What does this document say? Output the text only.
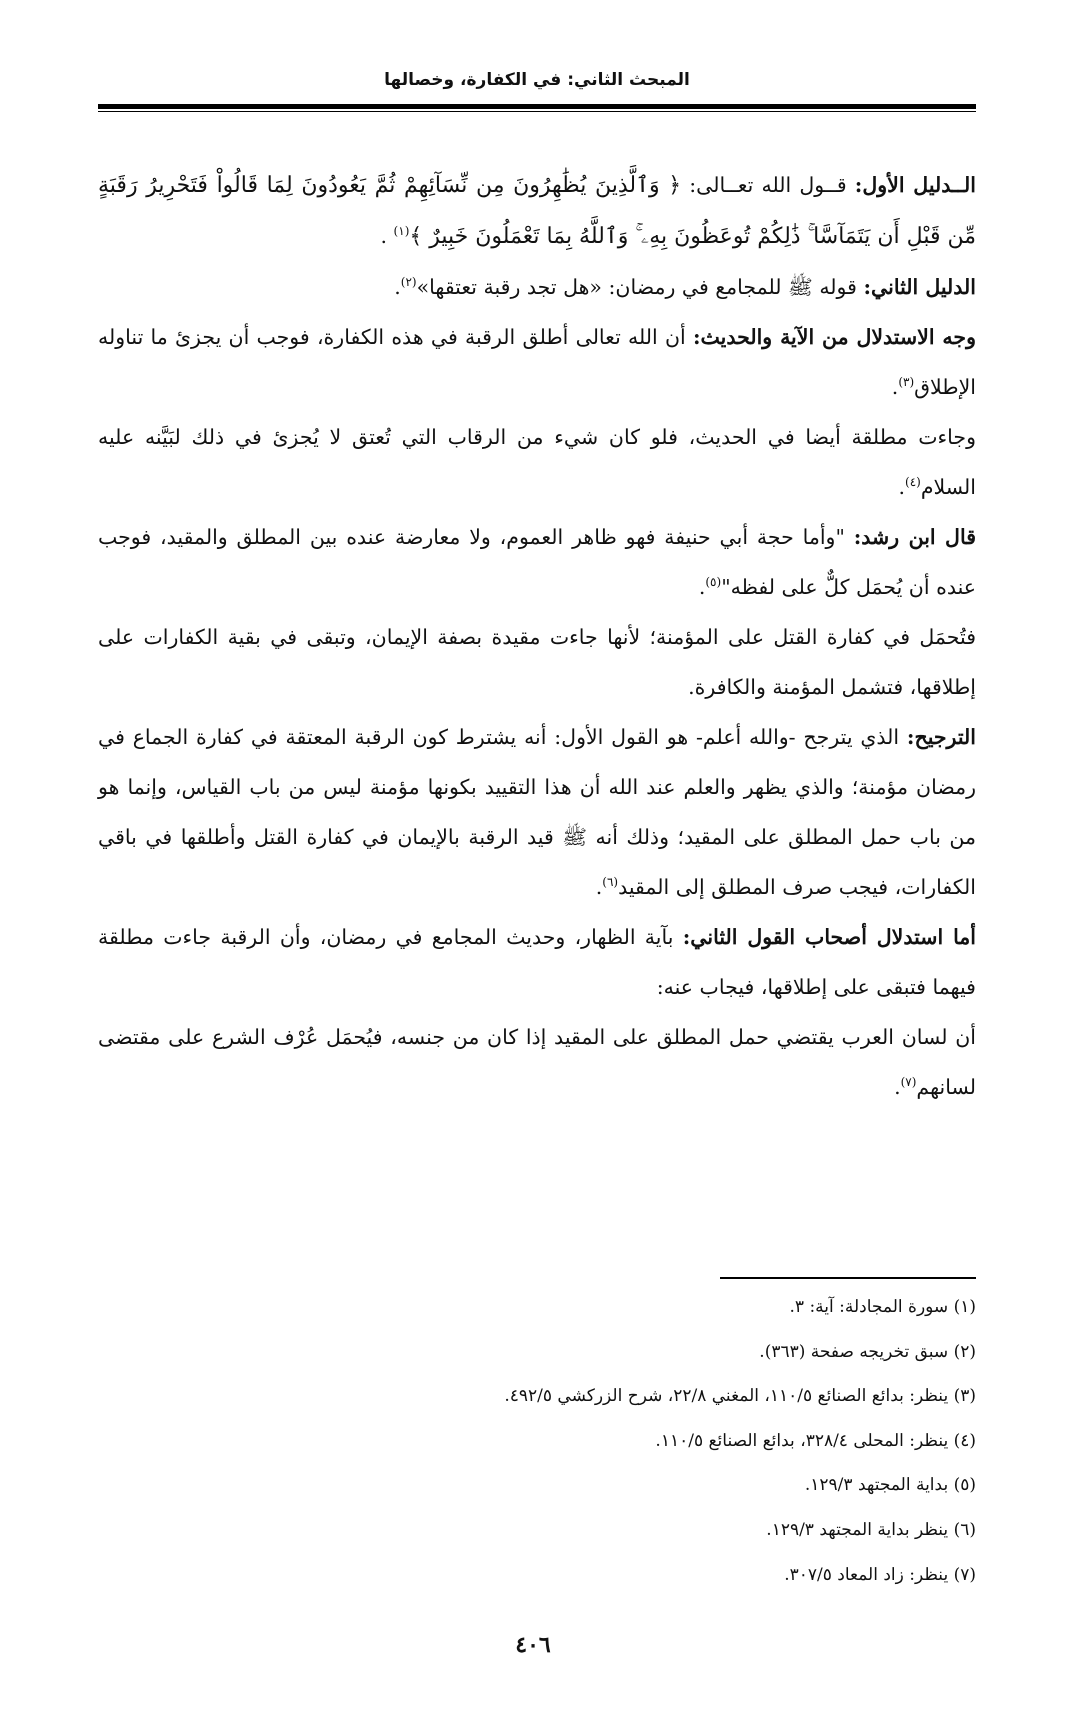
المبحث الثاني: في الكفارة، وخصالها

الــدليل الأول: قــول الله تعــالى: ﴿ وَٱلَّذِينَ يُظَٰهِرُونَ مِن نِّسَآئِهِمْ ثُمَّ يَعُودُونَ لِمَا قَالُواْ فَتَحْرِيرُ رَقَبَةٍ مِّن قَبْلِ أَن يَتَمَآسَّا ۚ ذَٰلِكُمْ تُوعَظُونَ بِهِۦ ۚ وَٱللَّهُ بِمَا تَعْمَلُونَ خَبِيرٌ ﴾$^{(١)}$ .

الدليل الثاني: قوله ﷺ للمجامع في رمضان: «هل تجد رقبة تعتقها»$^{(٢)}$.

وجه الاستدلال من الآية والحديث: أن الله تعالى أطلق الرقبة في هذه الكفارة، فوجب أن يجزئ ما تناوله الإطلاق$^{(٣)}$.

وجاءت مطلقة أيضا في الحديث، فلو كان شيء من الرقاب التي تُعتق لا يُجزئ في ذلك لبَيَّنه عليه السلام$^{(٤)}$.

قال ابن رشد: "وأما حجة أبي حنيفة فهو ظاهر العموم، ولا معارضة عنده بين المطلق والمقيد، فوجب عنده أن يُحمَل كلٌّ على لفظه"$^{(٥)}$.

فتُحمَل في كفارة القتل على المؤمنة؛ لأنها جاءت مقيدة بصفة الإيمان، وتبقى في بقية الكفارات على إطلاقها، فتشمل المؤمنة والكافرة.

الترجيح: الذي يترجح -والله أعلم- هو القول الأول: أنه يشترط كون الرقبة المعتقة في كفارة الجماع في رمضان مؤمنة؛ والذي يظهر والعلم عند الله أن هذا التقييد بكونها مؤمنة ليس من باب القياس، وإنما هو من باب حمل المطلق على المقيد؛ وذلك أنه ﷺ قيد الرقبة بالإيمان في كفارة القتل وأطلقها في باقي الكفارات، فيجب صرف المطلق إلى المقيد$^{(٦)}$.

أما استدلال أصحاب القول الثاني: بآية الظهار، وحديث المجامع في رمضان، وأن الرقبة جاءت مطلقة فيهما فتبقى على إطلاقها، فيجاب عنه:

أن لسان العرب يقتضي حمل المطلق على المقيد إذا كان من جنسه، فيُحمَل عُرْف الشرع على مقتضى لسانهم$^{(٧)}$.

(١) سورة المجادلة: آية: ٣.
(٢) سبق تخريجه صفحة (٣٦٣).
(٣) ينظر: بدائع الصنائع ١١٠/٥، المغني ٢٢/٨، شرح الزركشي ٤٩٢/٥.
(٤) ينظر: المحلى ٣٢٨/٤، بدائع الصنائع ١١٠/٥.
(٥) بداية المجتهد ١٢٩/٣.
(٦) ينظر بداية المجتهد ١٢٩/٣.
(٧) ينظر: زاد المعاد ٣٠٧/٥.
٤٠٦
